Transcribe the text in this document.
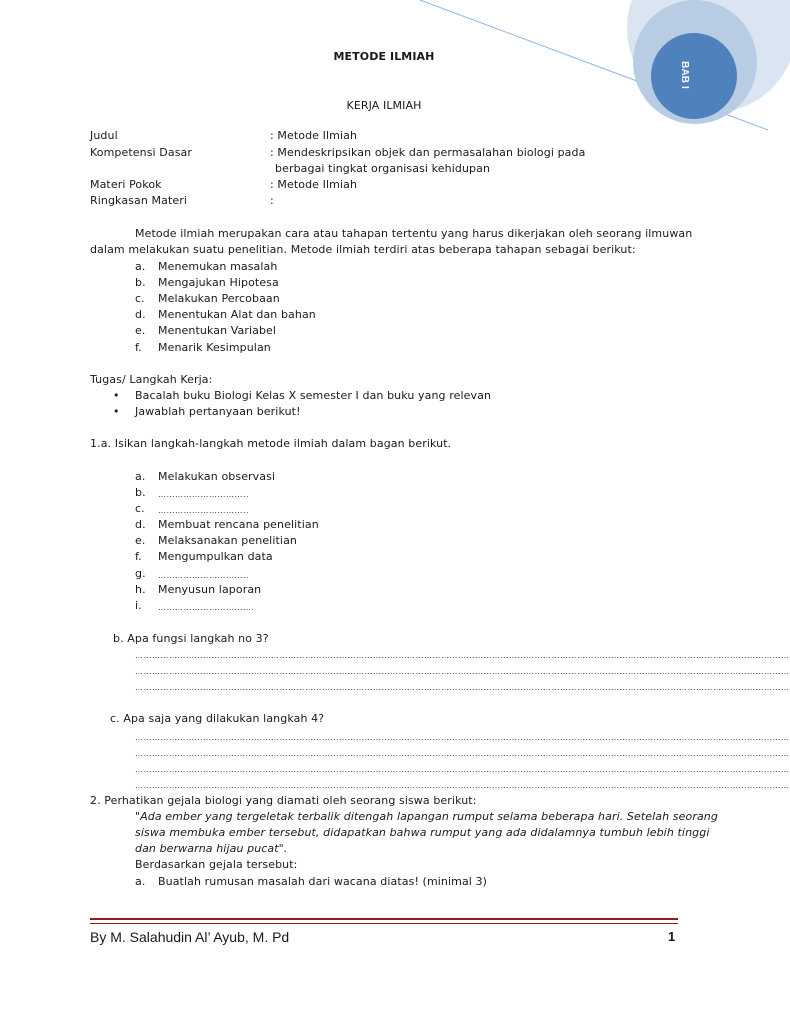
BAB I
METODE ILMIAH
KERJA ILMIAH
Judul	: Metode Ilmiah
Kompetensi Dasar	: Mendeskripsikan objek dan permasalahan biologi pada
berbagai tingkat organisasi kehidupan
Materi Pokok	: Metode Ilmiah
Ringkasan Materi	:
Metode ilmiah merupakan cara atau tahapan tertentu yang harus dikerjakan oleh seorang ilmuwan
dalam melakukan suatu penelitian. Metode ilmiah terdiri atas beberapa tahapan sebagai berikut:
a. Menemukan masalah
b. Mengajukan Hipotesa
c. Melakukan Percobaan
d. Menentukan Alat dan bahan
e. Menentukan Variabel
f. Menarik Kesimpulan
Tugas/ Langkah Kerja:
• Bacalah buku Biologi Kelas X semester I dan buku yang relevan
• Jawablah pertanyaan berikut!
1.a. Isikan langkah-langkah metode ilmiah dalam bagan berikut.
a. Melakukan observasi
b. …………………………..
c. …………………………..
d. Membuat rencana penelitian
e. Melaksanakan penelitian
f. Mengumpulkan data
g. …………………………..
h. Menyusun laporan
i. …………………………….
b. Apa fungsi langkah no 3?
……………………………………………………………………………………………………………………………………………………………………………………………………………
……………………………………………………………………………………………………………………………………………………………………………………………………………
……………………………………………………………………………………………………………………………………………………………………………………………………………
c. Apa saja yang dilakukan langkah 4?
……………………………………………………………………………………………………………………………………………………………………………………………………………
……………………………………………………………………………………………………………………………………………………………………………………………………………
……………………………………………………………………………………………………………………………………………………………………………………………………………
……………………………………………………………………………………………………………………………………………………………………………………………………………
2. Perhatikan gejala biologi yang diamati oleh seorang siswa berikut:
"Ada ember yang tergeletak terbalik ditengah lapangan rumput selama beberapa hari. Setelah seorang
siswa membuka ember tersebut, didapatkan bahwa rumput yang ada didalamnya tumbuh lebih tinggi
dan berwarna hijau pucat".
Berdasarkan gejala tersebut:
a. Buatlah rumusan masalah dari wacana diatas! (minimal 3)
By M. Salahudin Al’ Ayub, M. Pd	1
